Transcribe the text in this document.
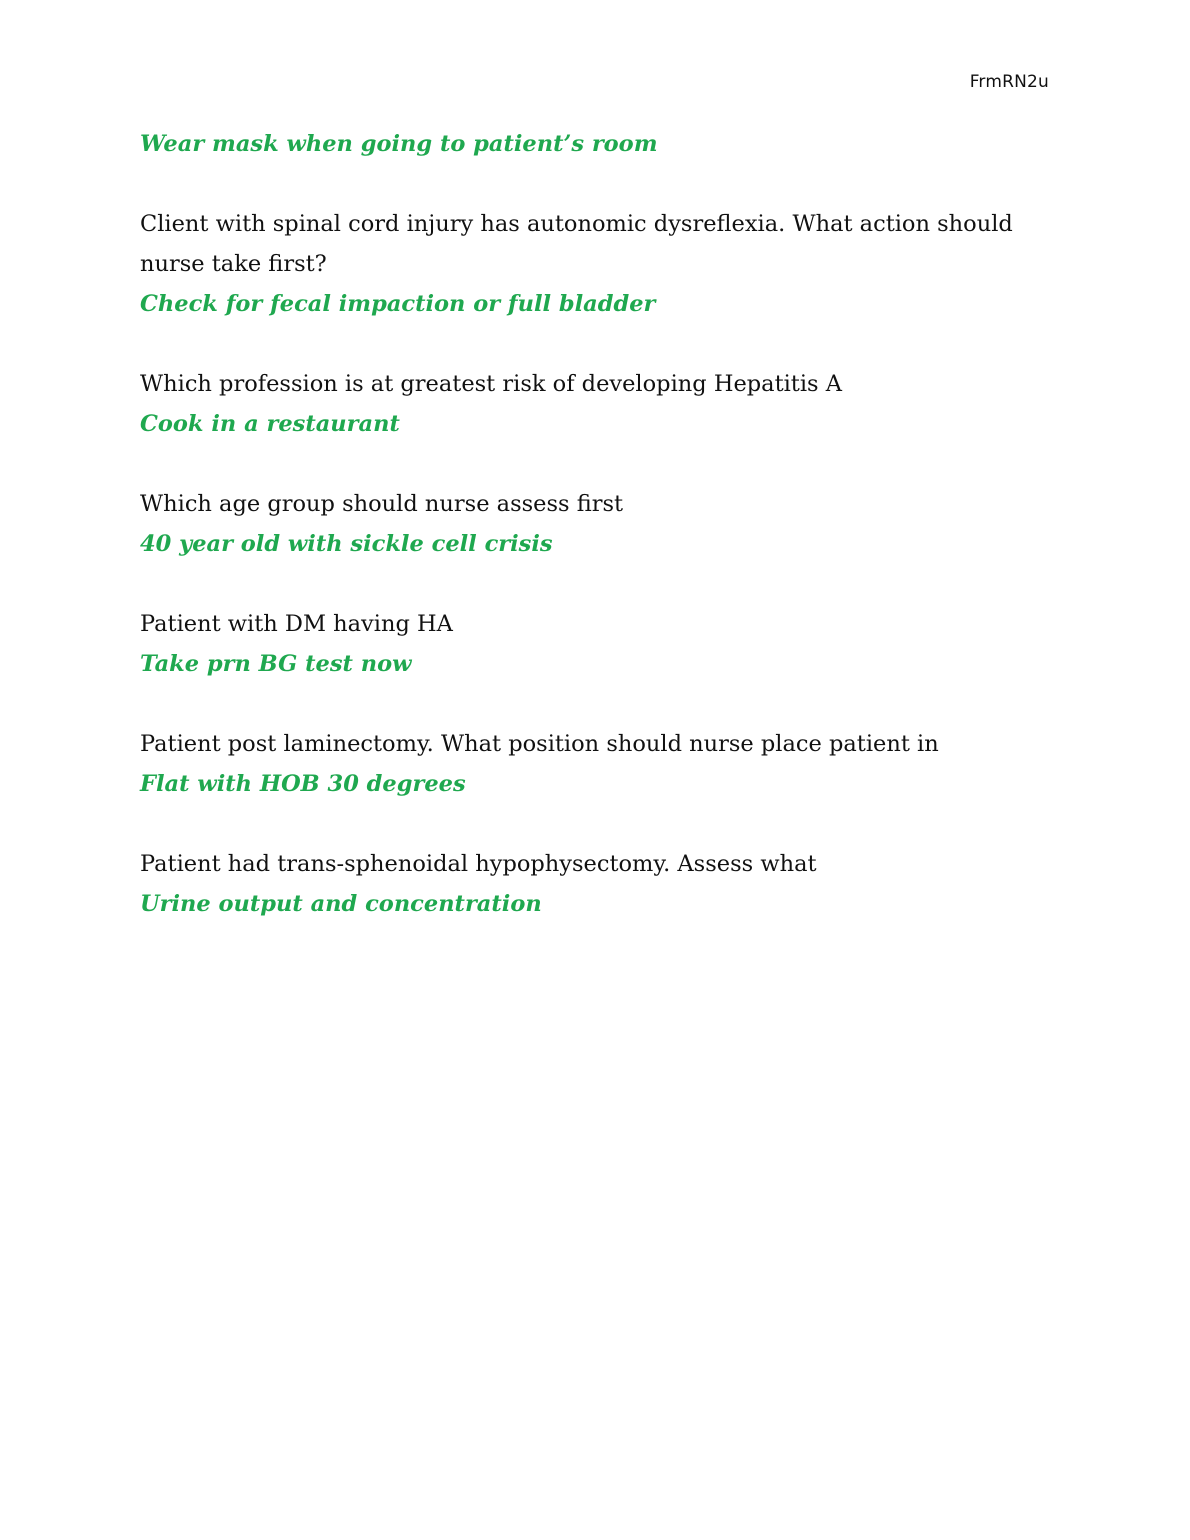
FrmRN2u
Wear mask when going to patient’s room
Client with spinal cord injury has autonomic dysreflexia. What action should nurse take first?
Check for fecal impaction or full bladder
Which profession is at greatest risk of developing Hepatitis A
Cook in a restaurant
Which age group should nurse assess first
40 year old with sickle cell crisis
Patient with DM having HA
Take prn BG test now
Patient post laminectomy. What position should nurse place patient in
Flat with HOB 30 degrees
Patient had trans-sphenoidal hypophysectomy. Assess what
Urine output and concentration
